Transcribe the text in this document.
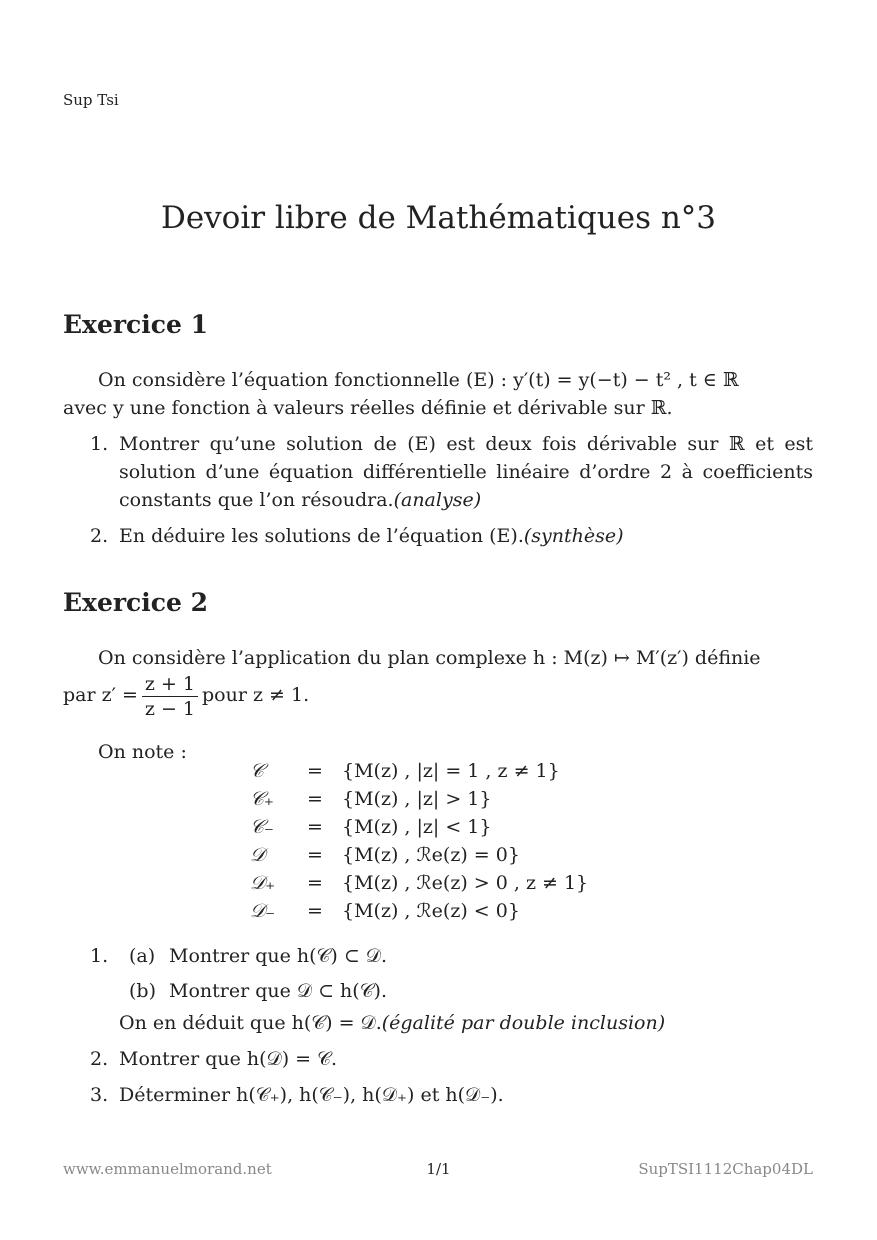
Sup Tsi
Devoir libre de Mathématiques n°3
Exercice 1
On considère l’équation fonctionnelle (E) : y′(t) = y(−t) − t² , t ∈ ℝ
avec y une fonction à valeurs réelles définie et dérivable sur ℝ.
1. Montrer qu’une solution de (E) est deux fois dérivable sur ℝ et est solution d’une équation différentielle linéaire d’ordre 2 à coefficients constants que l’on résoudra.(analyse)
2. En déduire les solutions de l’équation (E).(synthèse)
Exercice 2
On considère l’application du plan complexe h : M(z) ↦ M′(z′) définie
par $z' = \frac{z + 1}{z - 1}$ pour z ≠ 1.
On note :
𝒞	= {M(z) , |z| = 1 , z ≠ 1}
𝒞₊	= {M(z) , |z| > 1}
𝒞₋	= {M(z) , |z| < 1}
𝒟	= {M(z) , ℛe(z) = 0}
𝒟₊	= {M(z) , ℛe(z) > 0 , z ≠ 1}
𝒟₋	= {M(z) , ℛe(z) < 0}
1. (a) Montrer que h(𝒞) ⊂ 𝒟.
(b) Montrer que 𝒟 ⊂ h(𝒞).
On en déduit que h(𝒞) = 𝒟.(égalité par double inclusion)
2. Montrer que h(𝒟) = 𝒞.
3. Déterminer h(𝒞₊), h(𝒞₋), h(𝒟₊) et h(𝒟₋).
www.emmanuelmorand.net	1/1	SupTSI1112Chap04DL
